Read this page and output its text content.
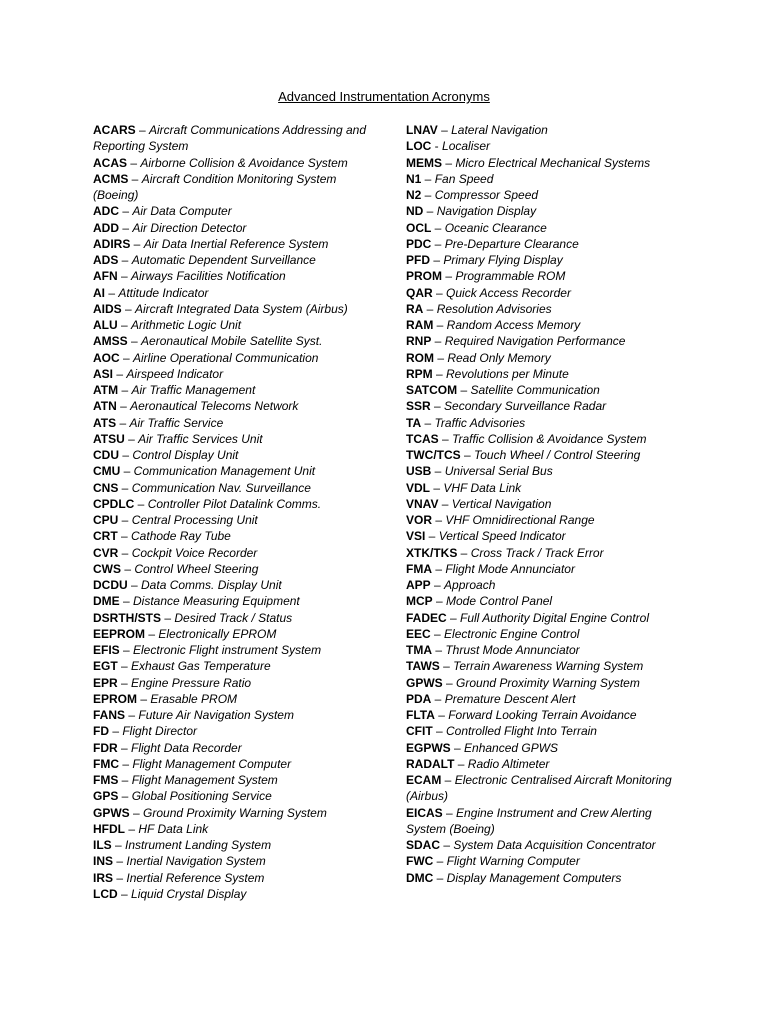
Advanced Instrumentation Acronyms

ACARS – Aircraft Communications Addressing and Reporting System

ACAS – Airborne Collision & Avoidance System

ACMS – Aircraft Condition Monitoring System (Boeing)

ADC – Air Data Computer

ADD – Air Direction Detector

ADIRS – Air Data Inertial Reference System

ADS – Automatic Dependent Surveillance

AFN – Airways Facilities Notification

AI – Attitude Indicator

AIDS – Aircraft Integrated Data System (Airbus)

ALU – Arithmetic Logic Unit

AMSS – Aeronautical Mobile Satellite Syst.

AOC – Airline Operational Communication

ASI – Airspeed Indicator

ATM – Air Traffic Management

ATN – Aeronautical Telecoms Network

ATS – Air Traffic Service

ATSU – Air Traffic Services Unit

CDU – Control Display Unit

CMU – Communication Management Unit

CNS – Communication Nav. Surveillance

CPDLC – Controller Pilot Datalink Comms.

CPU – Central Processing Unit

CRT – Cathode Ray Tube

CVR – Cockpit Voice Recorder

CWS – Control Wheel Steering

DCDU – Data Comms. Display Unit

DME – Distance Measuring Equipment

DSRTH/STS – Desired Track / Status

EEPROM – Electronically EPROM

EFIS – Electronic Flight instrument System

EGT – Exhaust Gas Temperature

EPR – Engine Pressure Ratio

EPROM – Erasable PROM

FANS – Future Air Navigation System

FD – Flight Director

FDR – Flight Data Recorder

FMC – Flight Management Computer

FMS – Flight Management System

GPS – Global Positioning Service

GPWS – Ground Proximity Warning System

HFDL – HF Data Link

ILS – Instrument Landing System

INS – Inertial Navigation System

IRS – Inertial Reference System

LCD – Liquid Crystal Display

LNAV – Lateral Navigation

LOC - Localiser

MEMS – Micro Electrical Mechanical Systems

N1 – Fan Speed

N2 – Compressor Speed

ND – Navigation Display

OCL – Oceanic Clearance

PDC – Pre-Departure Clearance

PFD – Primary Flying Display

PROM – Programmable ROM

QAR – Quick Access Recorder

RA – Resolution Advisories

RAM – Random Access Memory

RNP – Required Navigation Performance

ROM – Read Only Memory

RPM – Revolutions per Minute

SATCOM – Satellite Communication

SSR – Secondary Surveillance Radar

TA – Traffic Advisories

TCAS – Traffic Collision & Avoidance System

TWC/TCS – Touch Wheel / Control Steering

USB – Universal Serial Bus

VDL – VHF Data Link

VNAV – Vertical Navigation

VOR – VHF Omnidirectional Range

VSI – Vertical Speed Indicator

XTK/TKS – Cross Track / Track Error

FMA – Flight Mode Annunciator

APP – Approach

MCP – Mode Control Panel

FADEC – Full Authority Digital Engine Control

EEC – Electronic Engine Control

TMA – Thrust Mode Annunciator

TAWS – Terrain Awareness Warning System

GPWS – Ground Proximity Warning System

PDA – Premature Descent Alert

FLTA – Forward Looking Terrain Avoidance

CFIT – Controlled Flight Into Terrain

EGPWS – Enhanced GPWS

RADALT – Radio Altimeter

ECAM – Electronic Centralised Aircraft Monitoring (Airbus)

EICAS – Engine Instrument and Crew Alerting System (Boeing)

SDAC – System Data Acquisition Concentrator

FWC – Flight Warning Computer

DMC – Display Management Computers
